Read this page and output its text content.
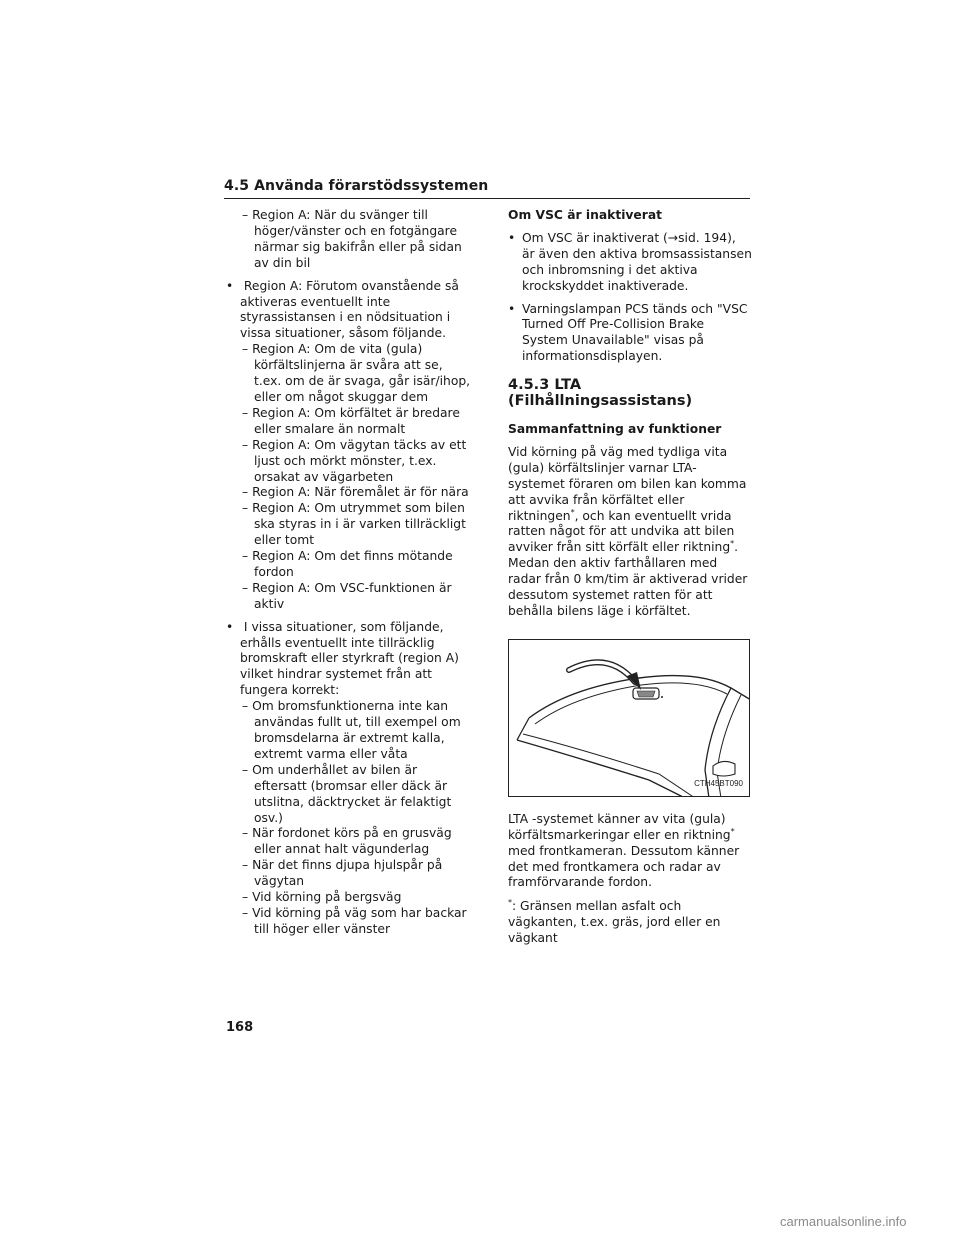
4.5 Använda förarstödssystemen
– Region A: När du svänger till höger/vänster och en fotgängare närmar sig bakifrån eller på sidan av din bil
• Region A: Förutom ovanstående så aktiveras eventuellt inte styrassistansen i en nödsituation i vissa situationer, såsom följande.
– Region A: Om de vita (gula) körfältslinjerna är svåra att se, t.ex. om de är svaga, går isär/ihop, eller om något skuggar dem
– Region A: Om körfältet är bredare eller smalare än normalt
– Region A: Om vägytan täcks av ett ljust och mörkt mönster, t.ex. orsakat av vägarbeten
– Region A: När föremålet är för nära
– Region A: Om utrymmet som bilen ska styras in i är varken tillräckligt eller tomt
– Region A: Om det finns mötande fordon
– Region A: Om VSC-funktionen är aktiv
• I vissa situationer, som följande, erhålls eventuellt inte tillräcklig bromskraft eller styrkraft (region A) vilket hindrar systemet från att fungera korrekt:
– Om bromsfunktionerna inte kan användas fullt ut, till exempel om bromsdelarna är extremt kalla, extremt varma eller våta
– Om underhållet av bilen är eftersatt (bromsar eller däck är utslitna, däcktrycket är felaktigt osv.)
– När fordonet körs på en grusväg eller annat halt vägunderlag
– När det finns djupa hjulspår på vägytan
– Vid körning på bergsväg
– Vid körning på väg som har backar till höger eller vänster
Om VSC är inaktiverat
• Om VSC är inaktiverat (→sid. 194), är även den aktiva bromsassistansen och inbromsning i det aktiva krockskyddet inaktiverade.
• Varningslampan PCS tänds och "VSC Turned Off Pre-Collision Brake System Unavailable" visas på informationsdisplayen.
4.5.3 LTA (Filhållningsassistans)
Sammanfattning av funktioner

Vid körning på väg med tydliga vita (gula) körfältslinjer varnar LTA-systemet föraren om bilen kan komma att avvika från körfältet eller riktningen*, och kan eventuellt vrida ratten något för att undvika att bilen avviker från sitt körfält eller riktning*. Medan den aktiv farthållaren med radar från 0 km/tim är aktiverad vrider dessutom systemet ratten för att behålla bilens läge i körfältet.

CTH45BT090

LTA -systemet känner av vita (gula) körfältsmarkeringar eller en riktning* med frontkameran. Dessutom känner det med frontkamera och radar av framförvarande fordon.

*: Gränsen mellan asfalt och vägkanten, t.ex. gräs, jord eller en vägkant

168
carmanualsonline.info
